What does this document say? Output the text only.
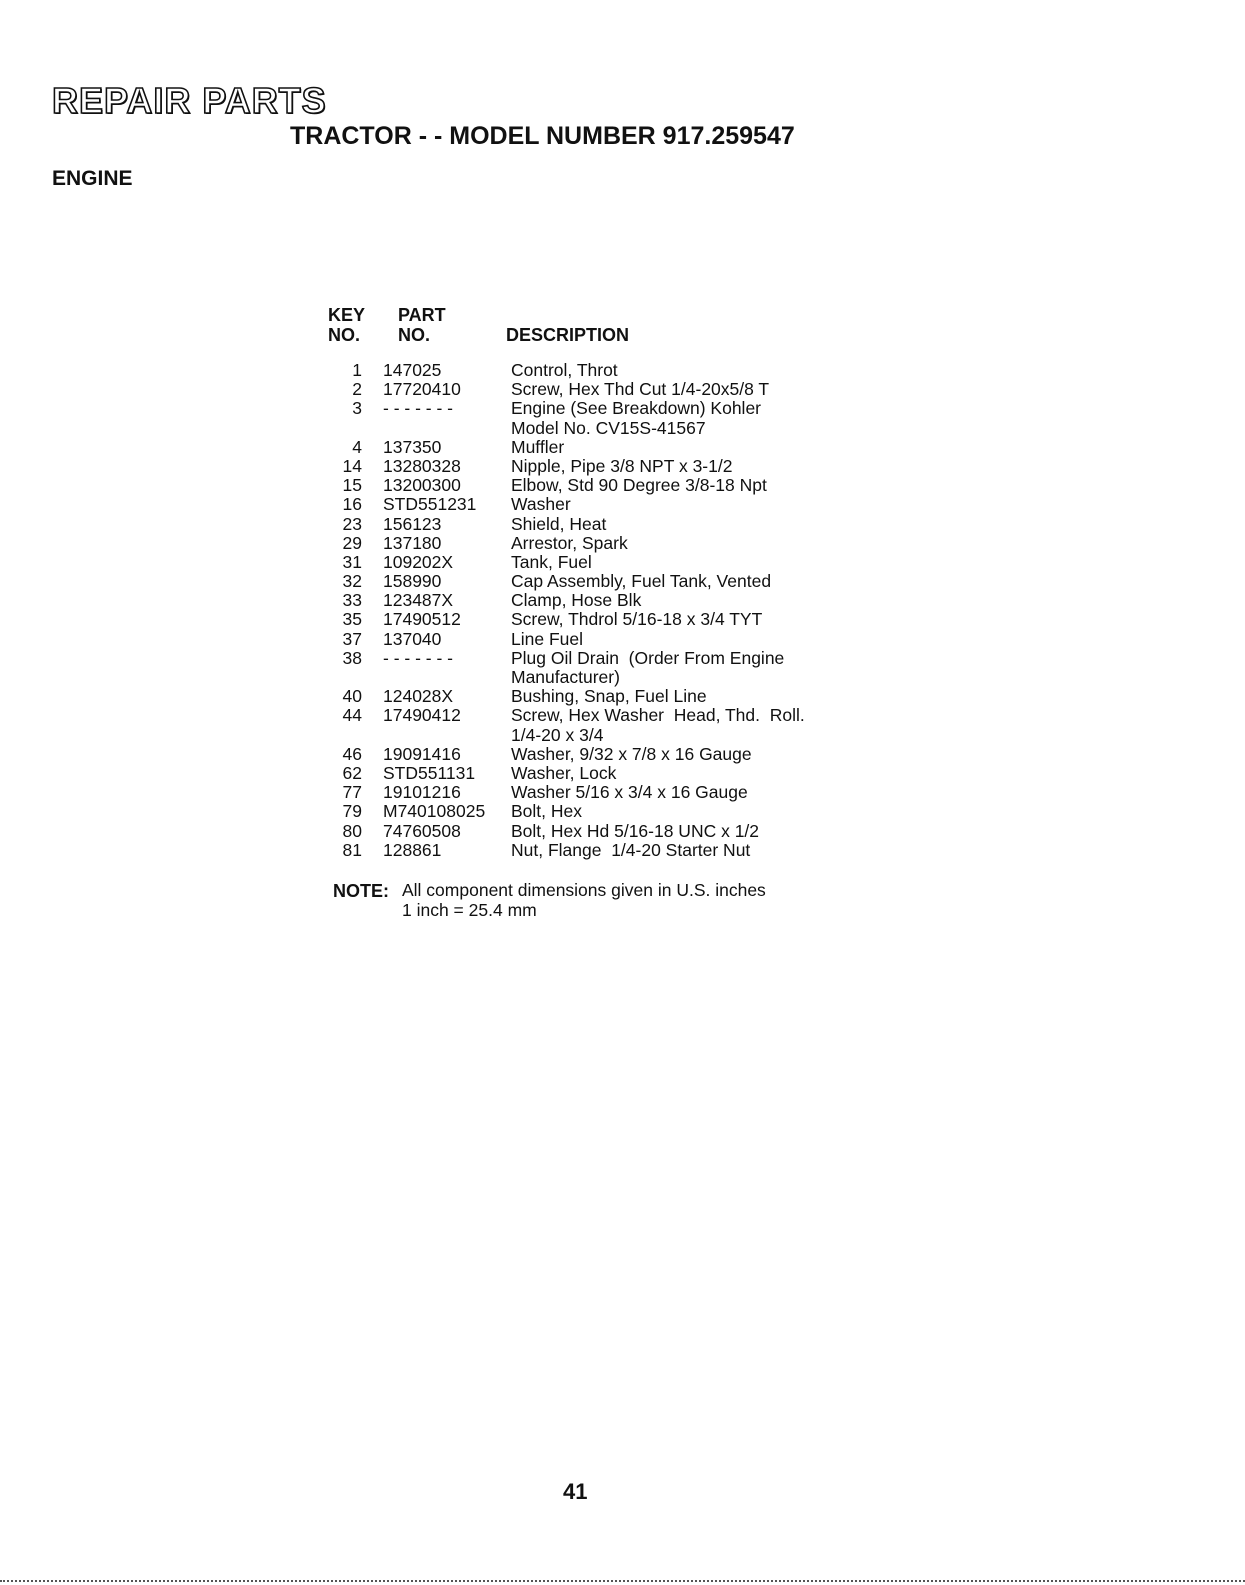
REPAIR PARTS
TRACTOR - - MODEL NUMBER 917.259547
ENGINE
KEY
NO.
PART
NO.	DESCRIPTION
1 147025	Control, Throt
2 17720410	Screw, Hex Thd Cut 1/4-20x5/8 T
3 - - - - - - -	Engine (See Breakdown) Kohler
Model No. CV15S-41567
4 137350	Muffler
14 13280328	Nipple, Pipe 3/8 NPT x 3-1/2
15 13200300	Elbow, Std 90 Degree 3/8-18 Npt
16 STD551231 Washer
23 156123	Shield, Heat
29 137180	Arrestor, Spark
31 109202X	Tank, Fuel
32 158990	Cap Assembly, Fuel Tank, Vented
33 123487X	Clamp, Hose Blk
35 17490512	Screw, Thdrol 5/16-18 x 3/4 TYT
37 137040	Line Fuel
38 - - - - - - -	Plug Oil Drain  (Order From Engine
Manufacturer)
40 124028X	Bushing, Snap, Fuel Line
44 17490412	Screw, Hex Washer  Head, Thd.  Roll.
1/4-20 x 3/4
46 19091416	Washer, 9/32 x 7/8 x 16 Gauge
62 STD551131 Washer, Lock
77 19101216	Washer 5/16 x 3/4 x 16 Gauge
79 M740108025 Bolt, Hex
80 74760508	Bolt, Hex Hd 5/16-18 UNC x 1/2
81 128861	Nut, Flange  1/4-20 Starter Nut
NOTE: All component dimensions given in U.S. inches
1 inch = 25.4 mm
41
